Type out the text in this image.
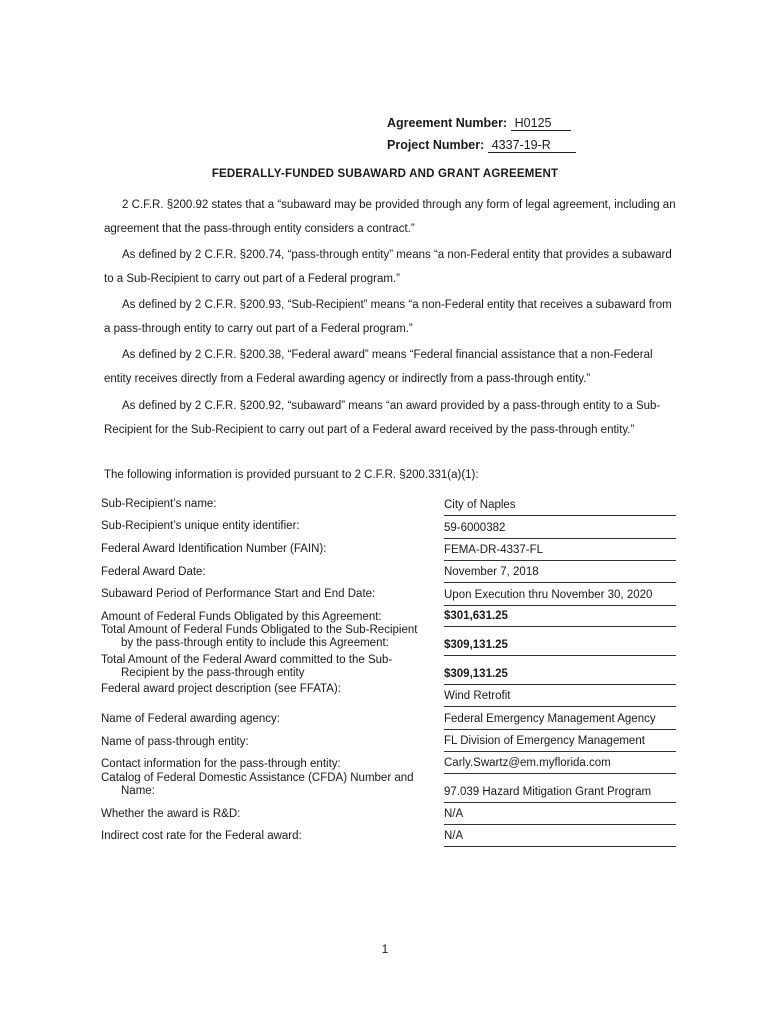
Agreement Number: H0125
Project Number: 4337-19-R
FEDERALLY-FUNDED SUBAWARD AND GRANT AGREEMENT
2 C.F.R. §200.92 states that a “subaward may be provided through any form of legal agreement, including an agreement that the pass-through entity considers a contract.”
As defined by 2 C.F.R. §200.74, “pass-through entity” means “a non-Federal entity that provides a subaward to a Sub-Recipient to carry out part of a Federal program.”
As defined by 2 C.F.R. §200.93, “Sub-Recipient” means “a non-Federal entity that receives a subaward from a pass-through entity to carry out part of a Federal program.”
As defined by 2 C.F.R. §200.38, “Federal award” means “Federal financial assistance that a non-Federal entity receives directly from a Federal awarding agency or indirectly from a pass-through entity.”
As defined by 2 C.F.R. §200.92, “subaward” means “an award provided by a pass-through entity to a Sub-Recipient for the Sub-Recipient to carry out part of a Federal award received by the pass-through entity.”
The following information is provided pursuant to 2 C.F.R. §200.331(a)(1):
Sub-Recipient’s name:	City of Naples
Sub-Recipient’s unique entity identifier:	59-6000382
Federal Award Identification Number (FAIN):	FEMA-DR-4337-FL
Federal Award Date:	November 7, 2018
Subaward Period of Performance Start and End Date:	Upon Execution thru November 30, 2020
Amount of Federal Funds Obligated by this Agreement:	$301,631.25
Total Amount of Federal Funds Obligated to the Sub-Recipient
by the pass-through entity to include this Agreement:	$309,131.25
Total Amount of the Federal Award committed to the Sub-
Recipient by the pass-through entity	$309,131.25
Federal award project description (see FFATA):
Wind Retrofit
Name of Federal awarding agency:	Federal Emergency Management Agency
Name of pass-through entity:	FL Division of Emergency Management
Contact information for the pass-through entity:	Carly.Swartz@em.myflorida.com
Catalog of Federal Domestic Assistance (CFDA) Number and
Name:	97.039 Hazard Mitigation Grant Program
Whether the award is R&D:	N/A
Indirect cost rate for the Federal award:	N/A
1
